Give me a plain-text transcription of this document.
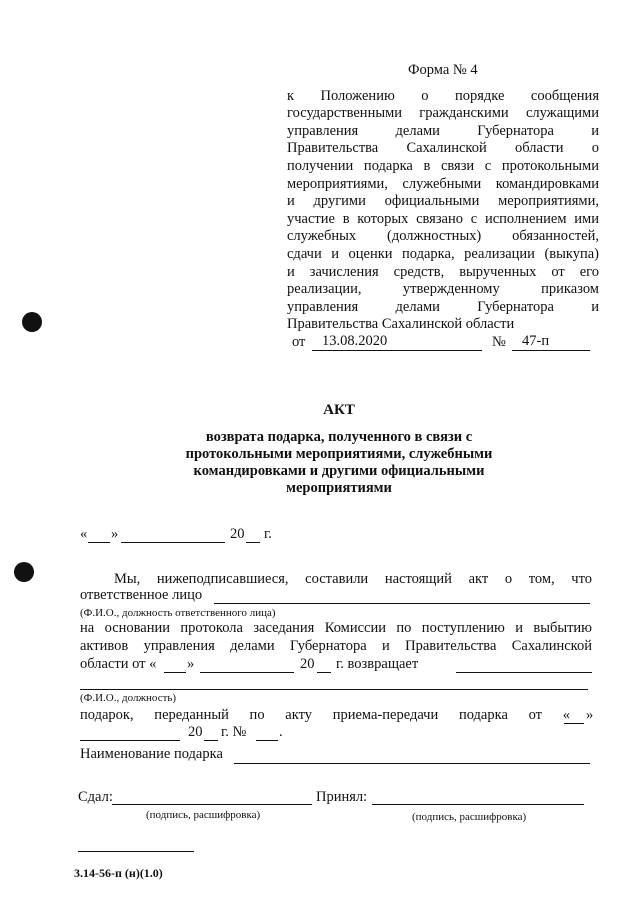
Форма № 4
к Положению о порядке сообщения
государственными гражданскими служащими
управления делами Губернатора и
Правительства Сахалинской области о
получении подарка в связи с протокольными
мероприятиями, служебными командировками
и другими официальными мероприятиями,
участие в которых связано с исполнением ими
служебных (должностных) обязанностей,
сдачи и оценки подарка, реализации (выкупа)
и зачисления средств, вырученных от его
реализации, утвержденному приказом
управления делами Губернатора и
Правительства Сахалинской области
от 13.08.2020	№ 47-п
АКТ
возврата подарка, полученного в связи с
протокольными мероприятиями, служебными
командировками и другими официальными
мероприятиями
« »	20 г.
Мы, нижеподписавшиеся, составили настоящий акт о том, что
ответственное лицо
(Ф.И.О., должность ответственного лица)
на основании протокола заседания Комиссии по поступлению и выбытию
активов управления делами Губернатора и Правительства Сахалинской
области от « »	20 г. возвращает
(Ф.И.О., должность)
подарок, переданный по акту приема-передачи подарка от « »
20 г. № .
Наименование подарка
Сдал:	Принял:
(подпись, расшифровка)	(подпись, расшифровка)
3.14-56-п (н)(1.0)
